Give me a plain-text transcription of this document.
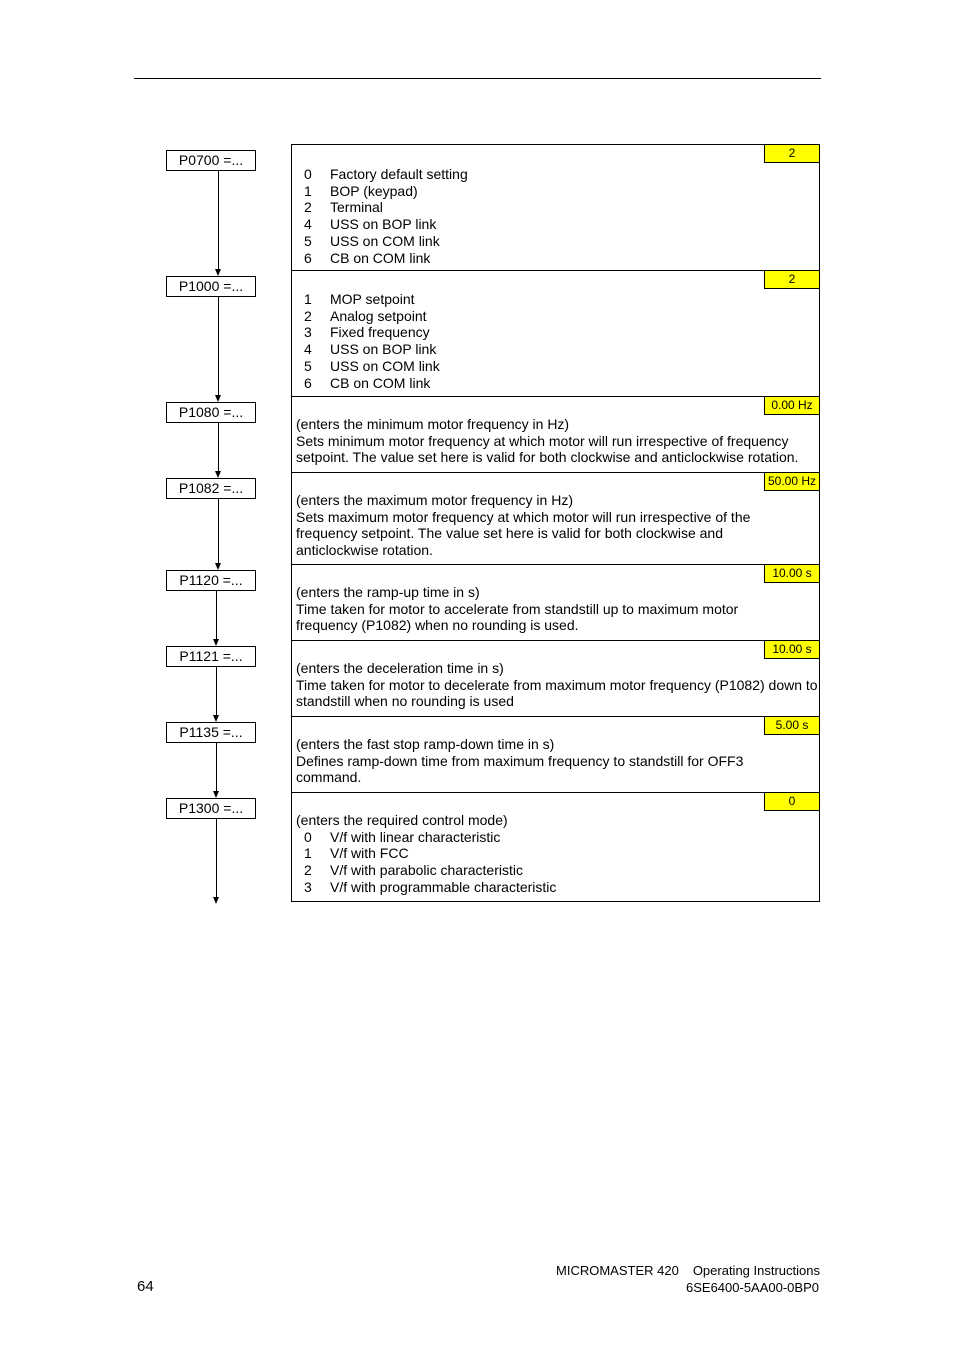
P0700 =...
P1000 =...
P1080 =...
P1082 =...
P1120 =...
P1121 =...
P1135 =...
P1300 =...
2
0	Factory default setting
1	BOP (keypad)
2	Terminal
4	USS on BOP link
5	USS on COM link
6	CB on COM link
2
1	MOP setpoint
2	Analog setpoint
3	Fixed frequency
4	USS on BOP link
5	USS on COM link
6	CB on COM link
0.00 Hz
(enters the minimum motor frequency in Hz)
Sets minimum motor frequency at which motor will run irrespective of frequency setpoint. The value set here is valid for both clockwise and anticlockwise rotation.
50.00 Hz
(enters the maximum motor frequency in Hz)
Sets maximum motor frequency at which motor will run irrespective of the frequency setpoint. The value set here is valid for both clockwise and anticlockwise rotation.
10.00 s
(enters the ramp-up time in s)
Time taken for motor to accelerate from standstill up to maximum motor frequency (P1082) when no rounding is used.
10.00 s
(enters the deceleration time in s)
Time taken for motor to decelerate from maximum motor frequency (P1082) down to standstill when no rounding is used
5.00 s
(enters the fast stop ramp-down time in s)
Defines ramp-down time from maximum frequency to standstill for OFF3 command.
0
(enters the required control mode)
0	V/f with linear characteristic
1	V/f with FCC
2	V/f with parabolic characteristic
3	V/f with programmable characteristic
64
MICROMASTER 420 Operating Instructions
6SE6400-5AA00-0BP0
